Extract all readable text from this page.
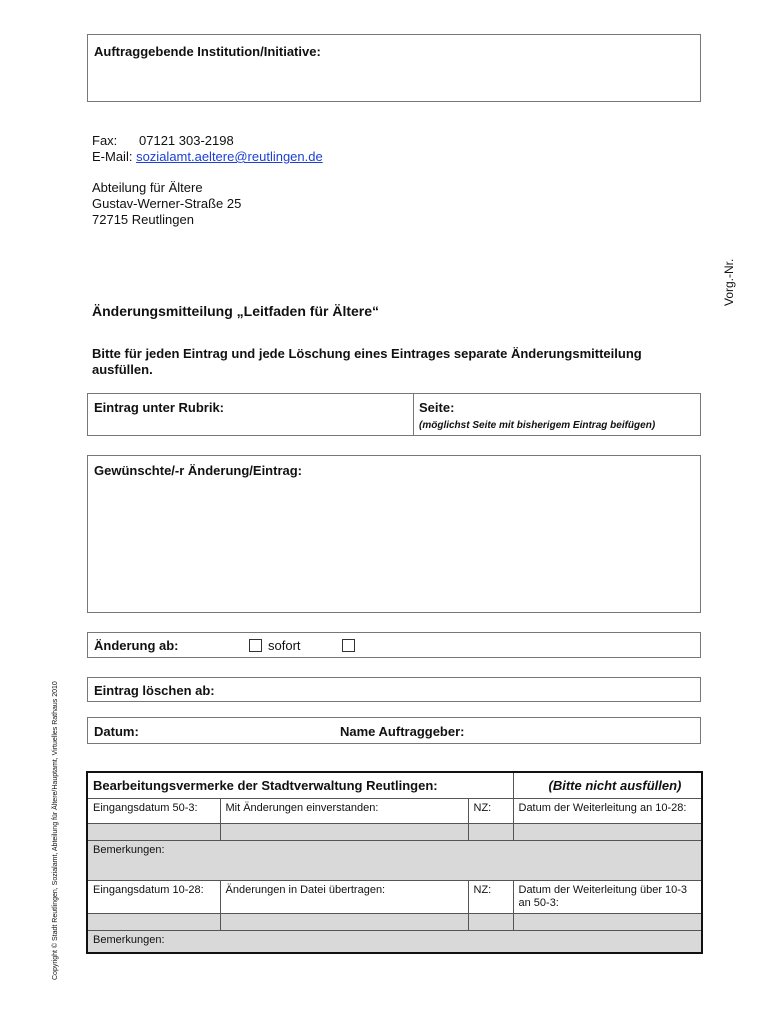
Auftraggebende Institution/Initiative:
Fax: 07121 303-2198
E-Mail: sozialamt.aeltere@reutlingen.de
Abteilung für Ältere
Gustav-Werner-Straße 25
72715 Reutlingen
Vorg.-Nr.
Änderungsmitteilung „Leitfaden für Ältere“
Bitte für jeden Eintrag und jede Löschung eines Eintrages separate Änderungsmitteilung ausfüllen.
Eintrag unter Rubrik:	Seite:
(möglichst Seite mit bisherigem Eintrag beifügen)
Gewünschte/-r Änderung/Eintrag:
Änderung ab:	sofort
Eintrag löschen ab:
Datum:	Name Auftraggeber:
Copyright © Stadt Reutlingen, Sozialamt, Abteilung für Ältere/Hauptamt, Virtuelles Rathaus 2010	Bearbeitungsvermerke der Stadtverwaltung Reutlingen:			(Bitte nicht ausfüllen)
Eingangsdatum 50-3:	Mit Änderungen einverstanden:	NZ:	Datum der Weiterleitung an 10-28:

Bemerkungen:			
Eingangsdatum 10-28:	Änderungen in Datei übertragen:	NZ:	Datum der Weiterleitung über 10-3 an 50-3:

Bemerkungen:			
